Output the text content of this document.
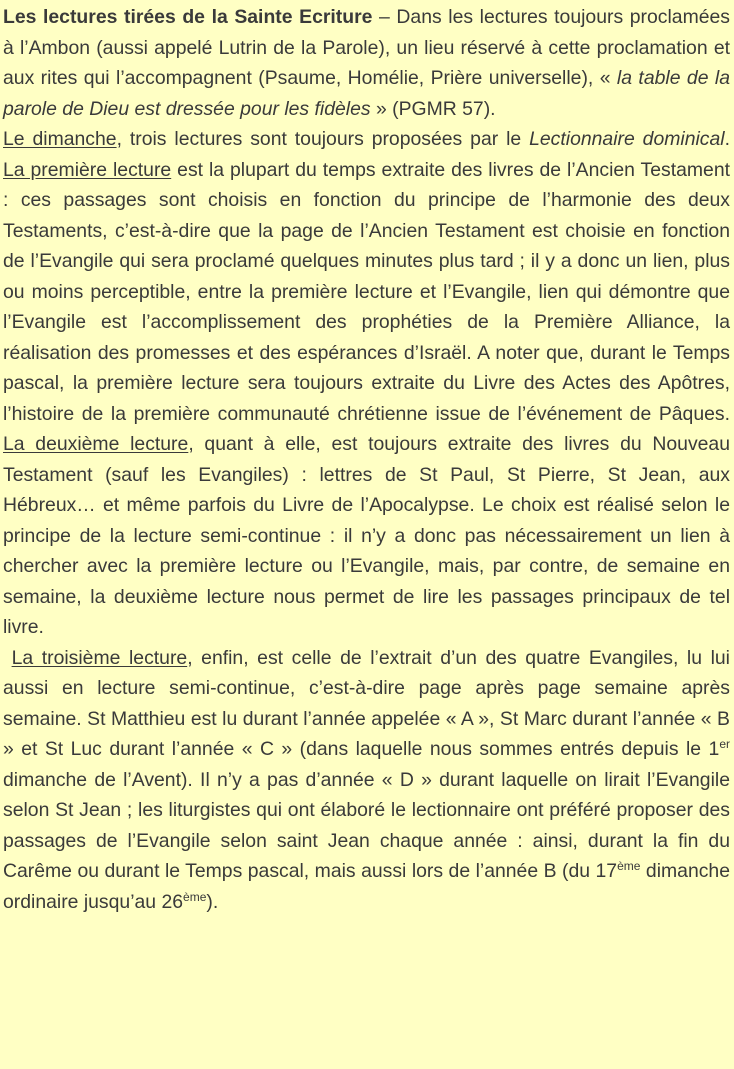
Les lectures tirées de la Sainte Ecriture – Dans les lectures toujours proclamées à l’Ambon (aussi appelé Lutrin de la Parole), un lieu réservé à cette proclamation et aux rites qui l’accompagnent (Psaume, Homélie, Prière universelle), « la table de la parole de Dieu est dressée pour les fidèles » (PGMR 57).

Le dimanche, trois lectures sont toujours proposées par le Lectionnaire dominical. La première lecture est la plupart du temps extraite des livres de l’Ancien Testament : ces passages sont choisis en fonction du principe de l’harmonie des deux Testaments, c’est-à-dire que la page de l’Ancien Testament est choisie en fonction de l’Evangile qui sera proclamé quelques minutes plus tard ; il y a donc un lien, plus ou moins perceptible, entre la première lecture et l’Evangile, lien qui démontre que l’Evangile est l’accomplissement des prophéties de la Première Alliance, la réalisation des promesses et des espérances d’Israël. A noter que, durant le Temps pascal, la première lecture sera toujours extraite du Livre des Actes des Apôtres, l’histoire de la première communauté chrétienne issue de l’événement de Pâques. La deuxième lecture, quant à elle, est toujours extraite des livres du Nouveau Testament (sauf les Evangiles) : lettres de St Paul, St Pierre, St Jean, aux Hébreux… et même parfois du Livre de l’Apocalypse. Le choix est réalisé selon le principe de la lecture semi-continue : il n’y a donc pas nécessairement un lien à chercher avec la première lecture ou l’Evangile, mais, par contre, de semaine en semaine, la deuxième lecture nous permet de lire les passages principaux de tel livre.

La troisième lecture, enfin, est celle de l’extrait d’un des quatre Evangiles, lu lui aussi en lecture semi-continue, c’est-à-dire page après page semaine après semaine. St Matthieu est lu durant l’année appelée « A », St Marc durant l’année « B » et St Luc durant l’année « C » (dans laquelle nous sommes entrés depuis le 1er dimanche de l’Avent). Il n’y a pas d’année « D » durant laquelle on lirait l’Evangile selon St Jean ; les liturgistes qui ont élaboré le lectionnaire ont préféré proposer des passages de l’Evangile selon saint Jean chaque année : ainsi, durant la fin du Carême ou durant le Temps pascal, mais aussi lors de l’année B (du 17ème dimanche ordinaire jusqu’au 26ème).
